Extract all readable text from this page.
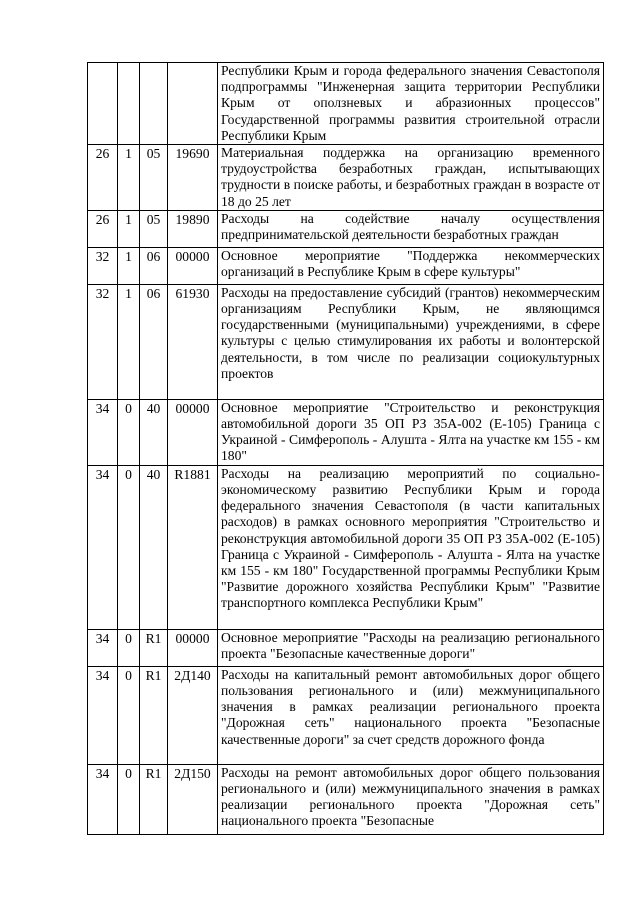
				Республики Крым и города федерального значения Севастополя подпрограммы "Инженерная защита территории Республики Крым от оползневых и абразионных процессов" Государственной программы развития строительной отрасли Республики Крым
26	1	05	19690	Материальная поддержка на организацию временного трудоустройства безработных граждан, испытывающих трудности в поиске работы, и безработных граждан в возрасте от 18 до 25 лет
26	1	05	19890	Расходы на содействие началу осуществления предпринимательской деятельности безработных граждан
32	1	06	00000	Основное мероприятие "Поддержка некоммерческих организаций в Республике Крым в сфере культуры"
32	1	06	61930	Расходы на предоставление субсидий (грантов) некоммерческим организациям Республики Крым, не являющимся государственными (муниципальными) учреждениями, в сфере культуры с целью стимулирования их работы и волонтерской деятельности, в том числе по реализации социокультурных проектов
34	0	40	00000	Основное мероприятие "Строительство и реконструкция автомобильной дороги 35 ОП РЗ 35А-002 (Е-105) Граница с Украиной - Симферополь - Алушта - Ялта на участке км 155 - км 180"
34	0	40	R1881	Расходы на реализацию мероприятий по социально-экономическому развитию Республики Крым и города федерального значения Севастополя (в части капитальных расходов) в рамках основного мероприятия "Строительство и реконструкция автомобильной дороги 35 ОП РЗ 35А-002 (Е-105) Граница с Украиной - Симферополь - Алушта - Ялта на участке км 155 - км 180" Государственной программы Республики Крым "Развитие дорожного хозяйства Республики Крым" "Развитие транспортного комплекса Республики Крым"
34	0	R1	00000	Основное мероприятие "Расходы на реализацию регионального проекта "Безопасные качественные дороги"
34	0	R1	2Д140	Расходы на капитальный ремонт автомобильных дорог общего пользования регионального и (или) межмуниципального значения в рамках реализации регионального проекта "Дорожная сеть" национального проекта "Безопасные качественные дороги" за счет средств дорожного фонда
34	0	R1	2Д150	Расходы на ремонт автомобильных дорог общего пользования регионального и (или) межмуниципального значения в рамках реализации регионального проекта "Дорожная сеть" национального проекта "Безопасные
